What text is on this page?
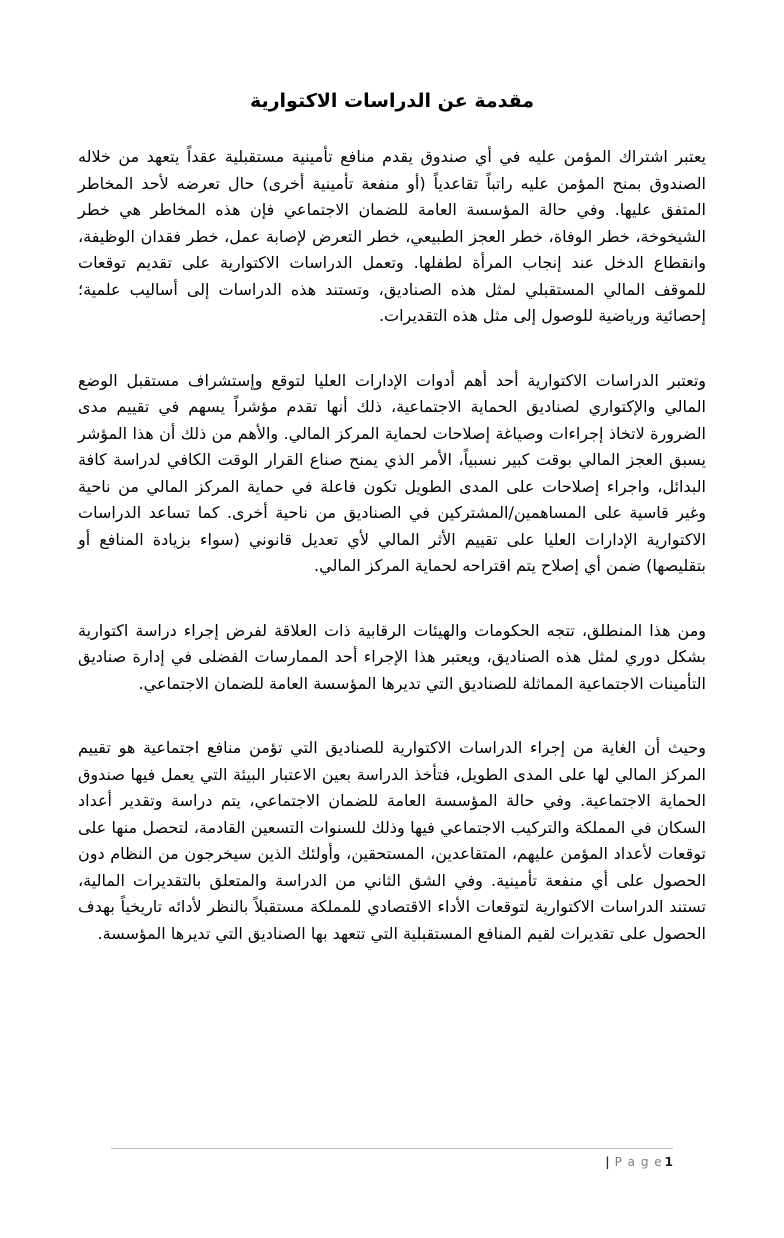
مقدمة عن الدراسات الاكتوارية

يعتبر اشتراك المؤمن عليه في أي صندوق يقدم منافع تأمينية مستقبلية عقداً يتعهد من خلاله الصندوق بمنح المؤمن عليه راتباً تقاعدياً (أو منفعة تأمينية أخرى) حال تعرضه لأحد المخاطر المتفق عليها. وفي حالة المؤسسة العامة للضمان الاجتماعي فإن هذه المخاطر هي خطر الشيخوخة، خطر الوفاة، خطر العجز الطبيعي، خطر التعرض لإصابة عمل، خطر فقدان الوظيفة، وانقطاع الدخل عند إنجاب المرأة لطفلها. وتعمل الدراسات الاكتوارية على تقديم توقعات للموقف المالي المستقبلي لمثل هذه الصناديق، وتستند هذه الدراسات إلى أساليب علمية؛ إحصائية ورياضية للوصول إلى مثل هذه التقديرات.

وتعتبر الدراسات الاكتوارية أحد أهم أدوات الإدارات العليا لتوقع وإستشراف مستقبل الوضع المالي والإكتواري لصناديق الحماية الاجتماعية، ذلك أنها تقدم مؤشراً يسهم في تقييم مدى الضرورة لاتخاذ إجراءات وصياغة إصلاحات لحماية المركز المالي. والأهم من ذلك أن هذا المؤشر يسبق العجز المالي بوقت كبير نسبياً، الأمر الذي يمنح صناع القرار الوقت الكافي لدراسة كافة البدائل، واجراء إصلاحات على المدى الطويل تكون فاعلة في حماية المركز المالي من ناحية وغير قاسية على المساهمين/المشتركين في الصناديق من ناحية أخرى. كما تساعد الدراسات الاكتوارية الإدارات العليا على تقييم الأثر المالي لأي تعديل قانوني (سواء بزيادة المنافع أو بتقليصها) ضمن أي إصلاح يتم اقتراحه لحماية المركز المالي.

ومن هذا المنطلق، تتجه الحكومات والهيئات الرقابية ذات العلاقة لفرض إجراء دراسة اكتوارية بشكل دوري لمثل هذه الصناديق، ويعتبر هذا الإجراء أحد الممارسات الفضلى في إدارة صناديق التأمينات الاجتماعية المماثلة للصناديق التي تديرها المؤسسة العامة للضمان الاجتماعي.

وحيث أن الغاية من إجراء الدراسات الاكتوارية للصناديق التي تؤمن منافع اجتماعية هو تقييم المركز المالي لها على المدى الطويل، فتأخذ الدراسة بعين الاعتبار البيئة التي يعمل فيها صندوق الحماية الاجتماعية. وفي حالة المؤسسة العامة للضمان الاجتماعي، يتم دراسة وتقدير أعداد السكان في المملكة والتركيب الاجتماعي فيها وذلك للسنوات التسعين القادمة، لتحصل منها على توقعات لأعداد المؤمن عليهم، المتقاعدين، المستحقين، وأولئك الذين سيخرجون من النظام دون الحصول على أي منفعة تأمينية. وفي الشق الثاني من الدراسة والمتعلق بالتقديرات المالية، تستند الدراسات الاكتوارية لتوقعات الأداء الاقتصادي للمملكة مستقبلاً بالنظر لأدائه تاريخياً بهدف الحصول على تقديرات لقيم المنافع المستقبلية التي تتعهد بها الصناديق التي تديرها المؤسسة.

| P a g e 1
